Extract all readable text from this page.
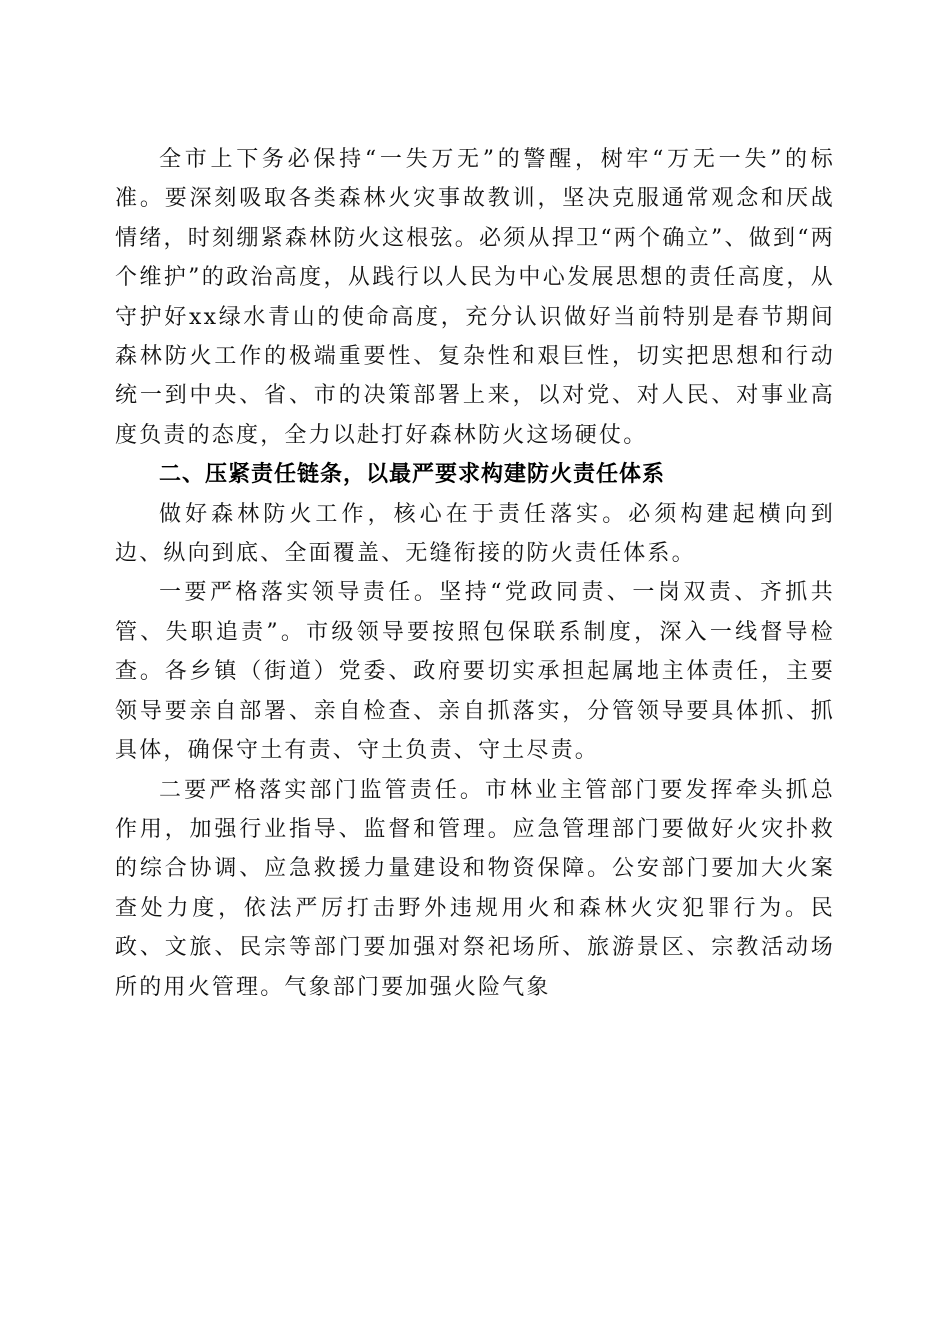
全市上下务必保持“一失万无”的警醒，树牢“万无一失”的标准。要深刻吸取各类森林火灾事故教训，坚决克服通常观念和厌战情绪，时刻绷紧森林防火这根弦。必须从捍卫“两个确立”、做到“两个维护”的政治高度，从践行以人民为中心发展思想的责任高度，从守护好xx绿水青山的使命高度，充分认识做好当前特别是春节期间森林防火工作的极端重要性、复杂性和艰巨性，切实把思想和行动统一到中央、省、市的决策部署上来，以对党、对人民、对事业高度负责的态度，全力以赴打好森林防火这场硬仗。

二、压紧责任链条，以最严要求构建防火责任体系

做好森林防火工作，核心在于责任落实。必须构建起横向到边、纵向到底、全面覆盖、无缝衔接的防火责任体系。

一要严格落实领导责任。坚持“党政同责、一岗双责、齐抓共管、失职追责”。市级领导要按照包保联系制度，深入一线督导检查。各乡镇（街道）党委、政府要切实承担起属地主体责任，主要领导要亲自部署、亲自检查、亲自抓落实，分管领导要具体抓、抓具体，确保守土有责、守土负责、守土尽责。

二要严格落实部门监管责任。市林业主管部门要发挥牵头抓总作用，加强行业指导、监督和管理。应急管理部门要做好火灾扑救的综合协调、应急救援力量建设和物资保障。公安部门要加大火案查处力度，依法严厉打击野外违规用火和森林火灾犯罪行为。民政、文旅、民宗等部门要加强对祭祀场所、旅游景区、宗教活动场所的用火管理。气象部门要加强火险气象
